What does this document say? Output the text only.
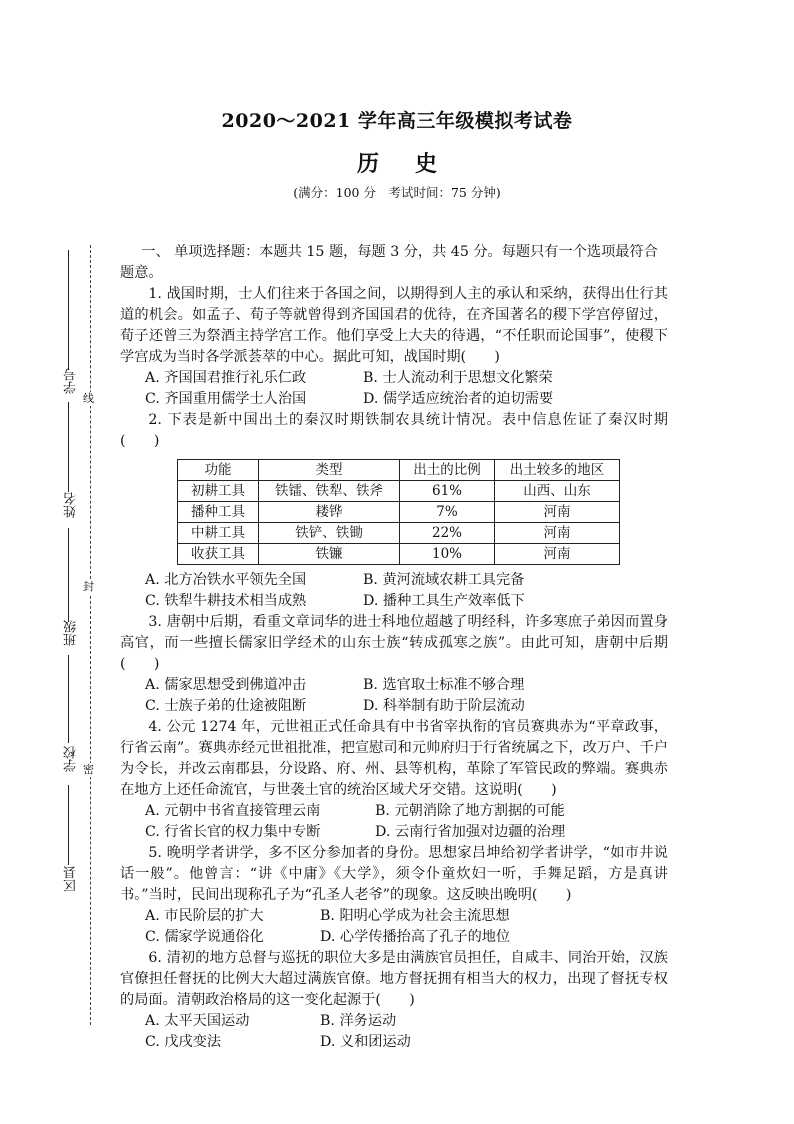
2020～2021 学年高三年级模拟考试卷
历史
(满分：100 分　考试时间：75 分钟)
学号
姓名
班级
学校
区县
线
封
密

一、 单项选择题：本题共 15 题，每题 3 分，共 45 分。每题只有一个选项最符合题意。

1. 战国时期，士人们往来于各国之间，以期得到人主的承认和采纳，获得出仕行其道的机会。如孟子、荀子等就曾得到齐国国君的优待，在齐国著名的稷下学宫停留过，荀子还曾三为祭酒主持学宫工作。他们享受上大夫的待遇，“不任职而论国事”，使稷下学宫成为当时各学派荟萃的中心。据此可知，战国时期(　　)

A. 齐国国君推行礼乐仁政	B. 士人流动利于思想文化繁荣
C. 齐国重用儒学士人治国	D. 儒学适应统治者的迫切需要

2. 下表是新中国出土的秦汉时期铁制农具统计情况。表中信息佐证了秦汉时期(　　)

功能	类型	出土的比例	出土较多的地区
初耕工具	铁镭、铁犁、铁斧	61%	山西、山东
播种工具	耧铧	7%	河南
中耕工具	铁铲、铁锄	22%	河南
收获工具	铁镰	10%	河南
A. 北方冶铁水平领先全国	B. 黄河流域农耕工具完备
C. 铁犁牛耕技术相当成熟	D. 播种工具生产效率低下

3. 唐朝中后期，看重文章词华的进士科地位超越了明经科，许多寒庶子弟因而置身高官，而一些擅长儒家旧学经术的山东士族“转成孤寒之族”。由此可知，唐朝中后期(　　)

A. 儒家思想受到佛道冲击	B. 选官取士标准不够合理
C. 士族子弟的仕途被阻断	D. 科举制有助于阶层流动

4. 公元 1274 年，元世祖正式任命具有中书省宰执衔的官员赛典赤为“平章政事，行省云南”。赛典赤经元世祖批准，把宣慰司和元帅府归于行省统属之下，改万户、千户为令长，并改云南郡县，分设路、府、州、县等机构，革除了军管民政的弊端。赛典赤在地方上还任命流官，与世袭土官的统治区域犬牙交错。这说明(　　)

A. 元朝中书省直接管理云南	B. 元朝消除了地方割据的可能
C. 行省长官的权力集中专断	D. 云南行省加强对边疆的治理

5. 晚明学者讲学，多不区分参加者的身份。思想家吕坤给初学者讲学，“如市井说话一般”。他曾言：“讲《中庸》《大学》，须令仆童炊妇一听，手舞足蹈，方是真讲书。”当时，民间出现称孔子为“孔圣人老爷”的现象。这反映出晚明(　　)

A. 市民阶层的扩大	B. 阳明心学成为社会主流思想
C. 儒家学说通俗化	D. 心学传播抬高了孔子的地位

6. 清初的地方总督与巡抚的职位大多是由满族官员担任，自咸丰、同治开始，汉族官僚担任督抚的比例大大超过满族官僚。地方督抚拥有相当大的权力，出现了督抚专权的局面。清朝政治格局的这一变化起源于(　　)

A. 太平天国运动	B. 洋务运动
C. 戊戌变法	D. 义和团运动
